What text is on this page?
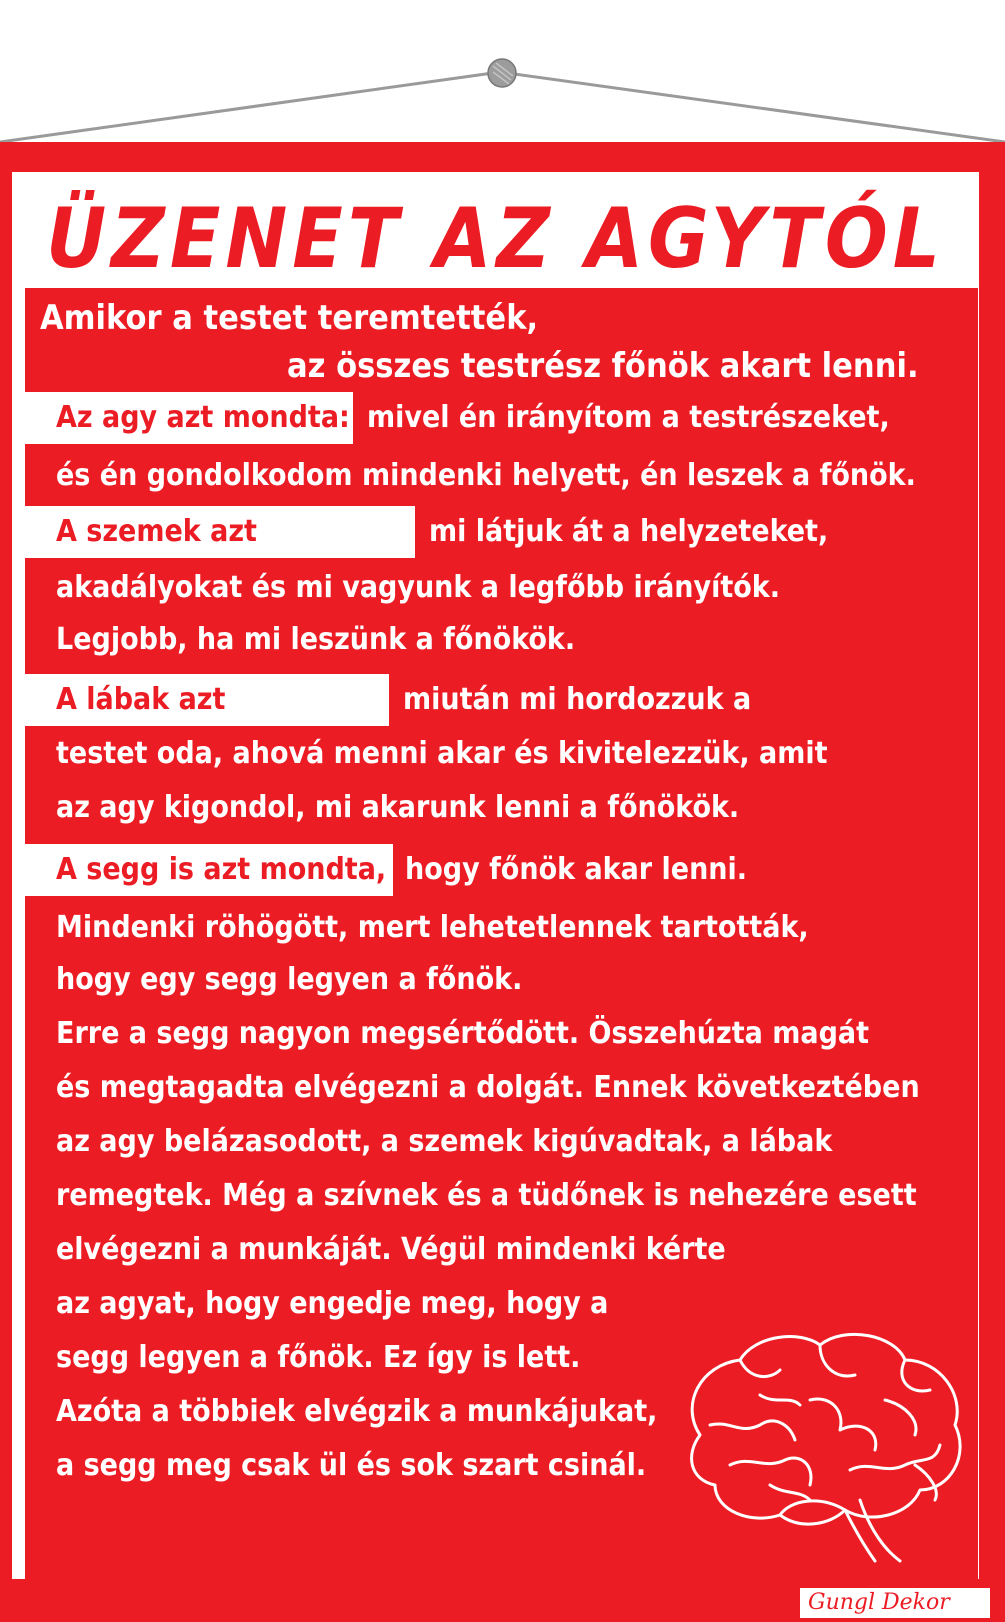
ÜZENET AZ AGYTÓL

Amikor a testet teremtették,

az összes testrész főnök akart lenni.

Az agy azt mondta: mivel én irányítom a testrészeket,

és én gondolkodom mindenki helyett, én leszek a főnök.

A szemek azt	mi látjuk át a helyzeteket,

akadályokat és mi vagyunk a legfőbb irányítók.

Legjobb, ha mi leszünk a főnökök.

A lábak azt	miután mi hordozzuk a

testet oda, ahová menni akar és kivitelezzük, amit

az agy kigondol, mi akarunk lenni a főnökök.

A segg is azt mondta, hogy főnök akar lenni.

Mindenki röhögött, mert lehetetlennek tartották,

hogy egy segg legyen a főnök.

Erre a segg nagyon megsértődött. Összehúzta magát

és megtagadta elvégezni a dolgát. Ennek következtében

az agy belázasodott, a szemek kigúvadtak, a lábak

remegtek. Még a szívnek és a tüdőnek is nehezére esett

elvégezni a munkáját. Végül mindenki kérte

az agyat, hogy engedje meg, hogy a

segg legyen a főnök. Ez így is lett.

Azóta a többiek elvégzik a munkájukat,

a segg meg csak ül és sok szart csinál.

Gungl Dekor
